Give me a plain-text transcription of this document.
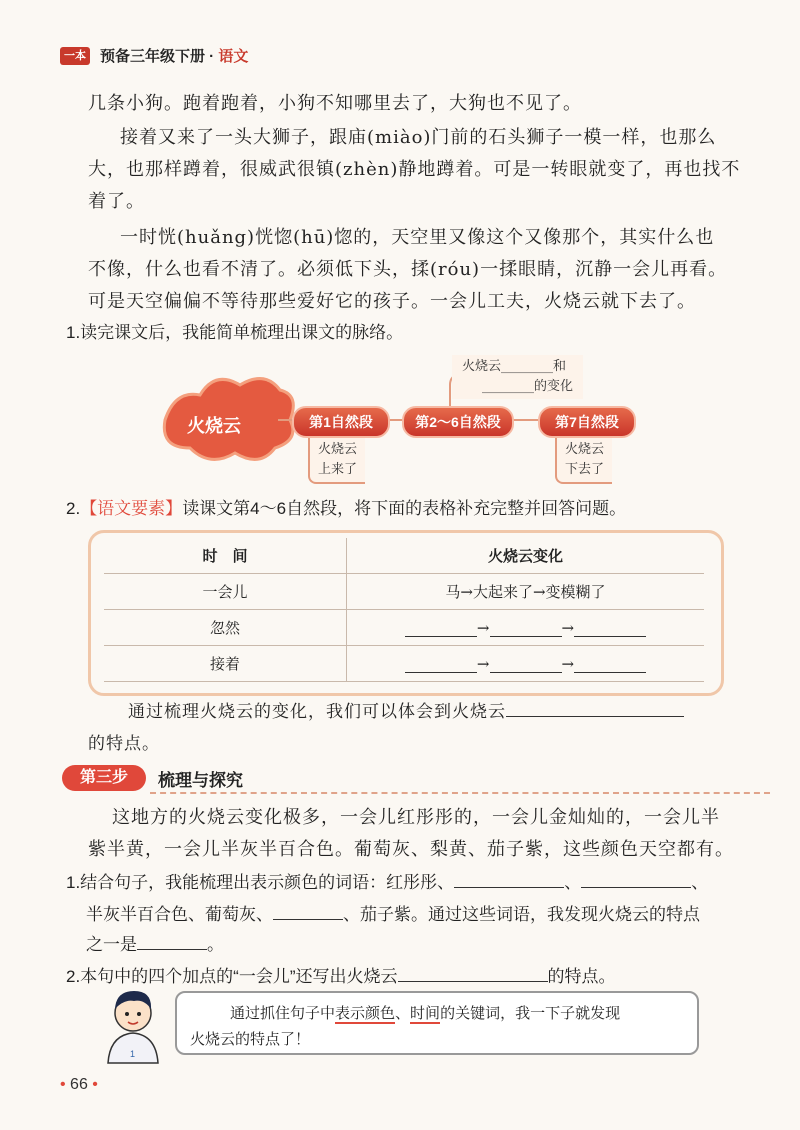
一本 预备三年级下册 · 语文
几条小狗。跑着跑着，小狗不知哪里去了，大狗也不见了。
接着又来了一头大狮子，跟庙(miào)门前的石头狮子一模一样，也那么
大，也那样蹲着，很威武很镇(zhèn)静地蹲着。可是一转眼就变了，再也找不
着了。
一时恍(huǎng)恍惚(hū)惚的，天空里又像这个又像那个，其实什么也
不像，什么也看不清了。必须低下头，揉(róu)一揉眼睛，沉静一会儿再看。
可是天空偏偏不等待那些爱好它的孩子。一会儿工夫，火烧云就下去了。
1.读完课文后，我能简单梳理出课文的脉络。
火烧云	第1自然段	第2～6自然段	第7自然段
火烧云
上来了
火烧云________和
________的变化
火烧云
下去了
2.【语文要素】读课文第4～6自然段，将下面的表格补充完整并回答问题。
时　间	火烧云变化
一会儿	马→大起来了→变模糊了
忽然	→ →
接着	→ →
通过梳理火烧云的变化，我们可以体会到火烧云
的特点。
第三步	梳理与探究
这地方的火烧云变化极多，一会儿红彤彤的，一会儿金灿灿的，一会儿半
紫半黄，一会儿半灰半百合色。葡萄灰、梨黄、茄子紫，这些颜色天空都有。
1.结合句子，我能梳理出表示颜色的词语：红彤彤、	、	、
半灰半百合色、葡萄灰、	、茄子紫。通过这些词语，我发现火烧云的特点
之一是	。
2.本句中的四个加点的“一会儿”还写出火烧云	的特点。
1
通过抓住句子中表示颜色、时间的关键词，我一下子就发现
火烧云的特点了！
• 66 •
